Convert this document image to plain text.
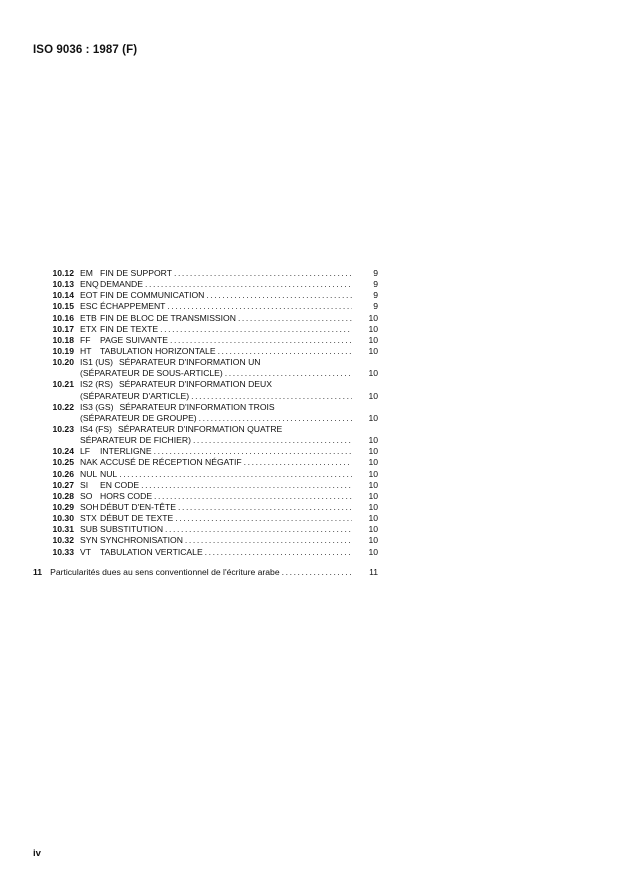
ISO 9036 : 1987 (F)
10.12 EM FIN DE SUPPORT .....	9
10.13 ENQ DEMANDE .....	9
10.14 EOT FIN DE COMMUNICATION .....	9
10.15 ESC ÉCHAPPEMENT .....	9
10.16 ETB FIN DE BLOC DE TRANSMISSION .....	10
10.17 ETX FIN DE TEXTE .....	10
10.18 FF	PAGE SUIVANTE .....	10
10.19 HT TABULATION HORIZONTALE .....	10
10.20 IS1 (US) SÉPARATEUR D'INFORMATION UN
(SÉPARATEUR DE SOUS-ARTICLE) .....	10
10.21 IS2 (RS) SÉPARATEUR D'INFORMATION DEUX
(SÉPARATEUR D'ARTICLE) .....	10
10.22 IS3 (GS) SÉPARATEUR D'INFORMATION TROIS
(SÉPARATEUR DE GROUPE) .....	10
10.23 IS4 (FS) SÉPARATEUR D'INFORMATION QUATRE
SÉPARATEUR DE FICHIER) .....	10
10.24 LF	INTERLIGNE .....	10
10.25 NAK ACCUSÉ DE RÉCEPTION NÉGATIF .....	10
10.26 NUL NUL .....	10
10.27 SI	EN CODE .....	10
10.28 SO HORS CODE .....	10
10.29 SOH DÉBUT D'EN-TÊTE .....	10
10.30 STX DÉBUT DE TEXTE .....	10
10.31 SUB SUBSTITUTION .....	10
10.32 SYN SYNCHRONISATION .....	10
10.33 VT	TABULATION VERTICALE .....	10
11 Particularités dues au sens conventionnel de l'écriture arabe .....	11
iv
